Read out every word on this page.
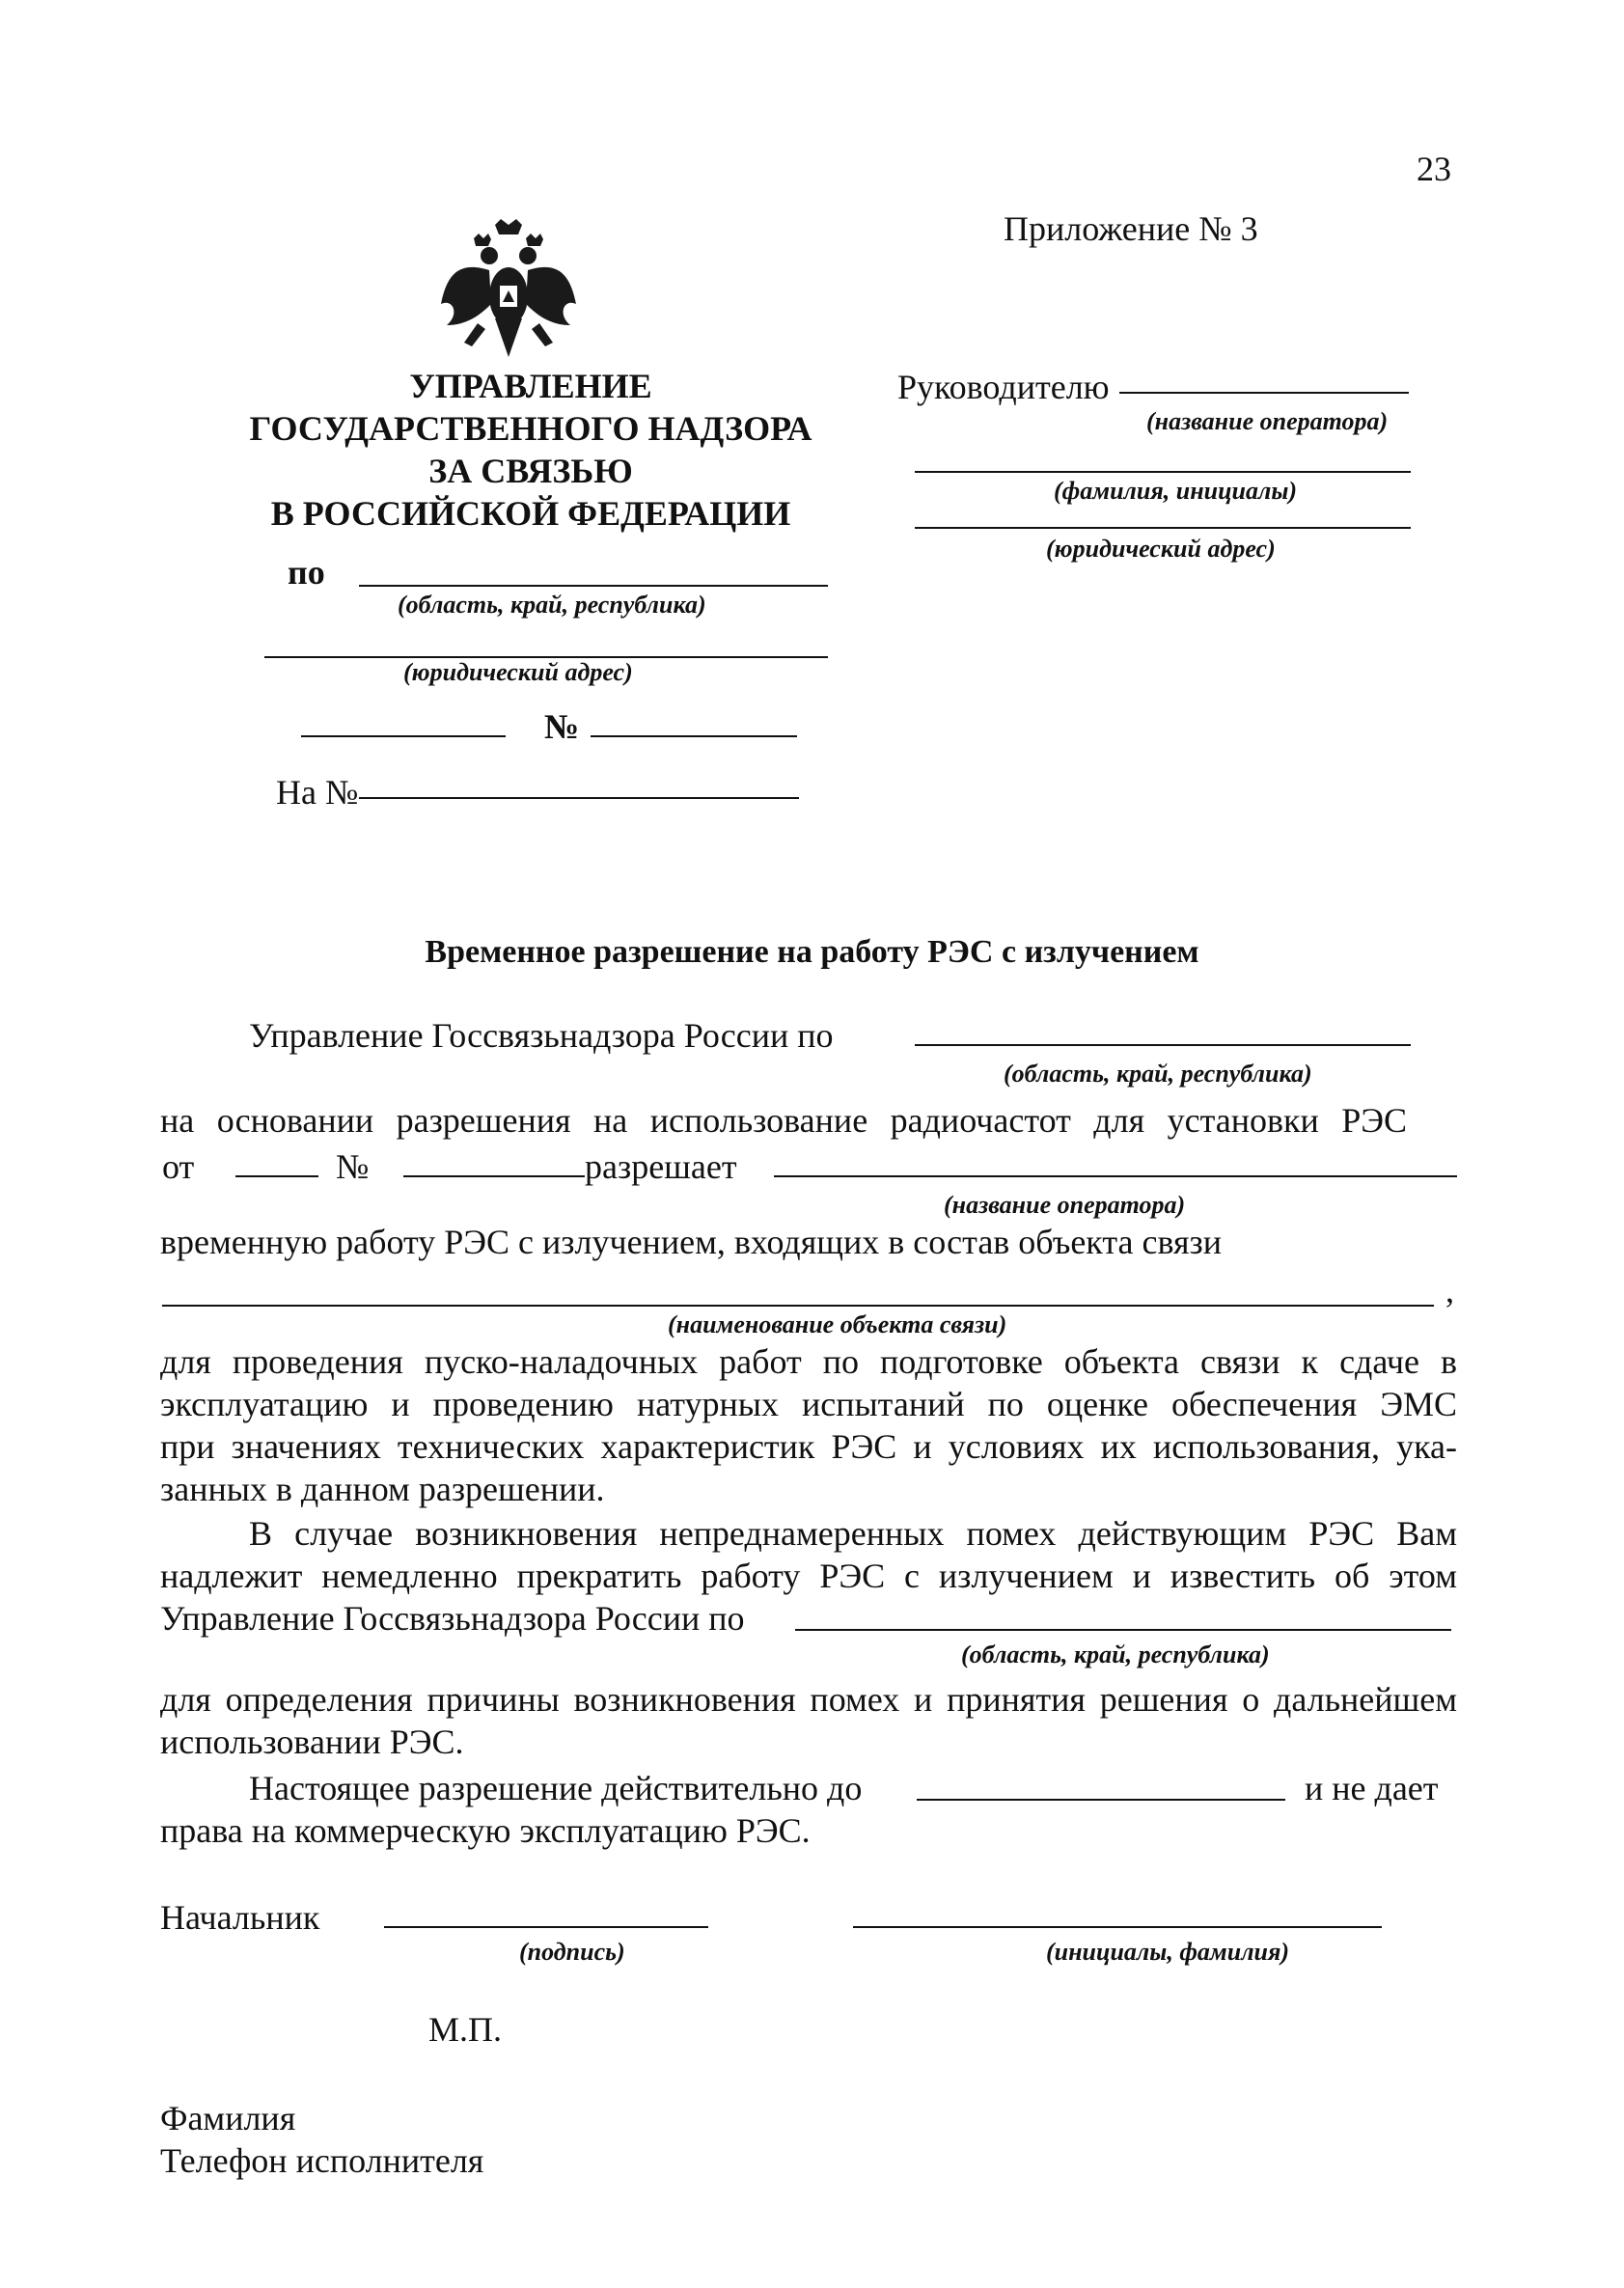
23
Приложение № 3
УПРАВЛЕНИЕ
ГОСУДАРСТВЕННОГО НАДЗОРА
ЗА СВЯЗЬЮ
В РОССИЙСКОЙ ФЕДЕРАЦИИ
по
(область, край, республика)
(юридический адрес)
№
На №
Руководителю
(название оператора)
(фамилия, инициалы)
(юридический адрес)
Временное разрешение на работу РЭС с излучением
Управление Госсвязьнадзора России по
(область, край, республика)
на основании разрешения на использование радиочастот для установки РЭС
от	№	разрешает
(название оператора)
временную работу РЭС с излучением, входящих в состав объекта связи
,
(наименование объекта связи)
для проведения пуско-наладочных работ по подготовке объекта связи к сдаче в
эксплуатацию и проведению натурных испытаний по оценке обеспечения ЭМС
при значениях технических характеристик РЭС и условиях их использования, ука-
занных в данном разрешении.
В случае возникновения непреднамеренных помех действующим РЭС Вам
надлежит немедленно прекратить работу РЭС с излучением и известить об этом
Управление Госсвязьнадзора России по
(область, край, республика)
для определения причины возникновения помех и принятия решения о дальнейшем
использовании РЭС.
Настоящее разрешение действительно до	и не дает
права на коммерческую эксплуатацию РЭС.
Начальник
(подпись)	(инициалы, фамилия)
М.П.
Фамилия
Телефон исполнителя
